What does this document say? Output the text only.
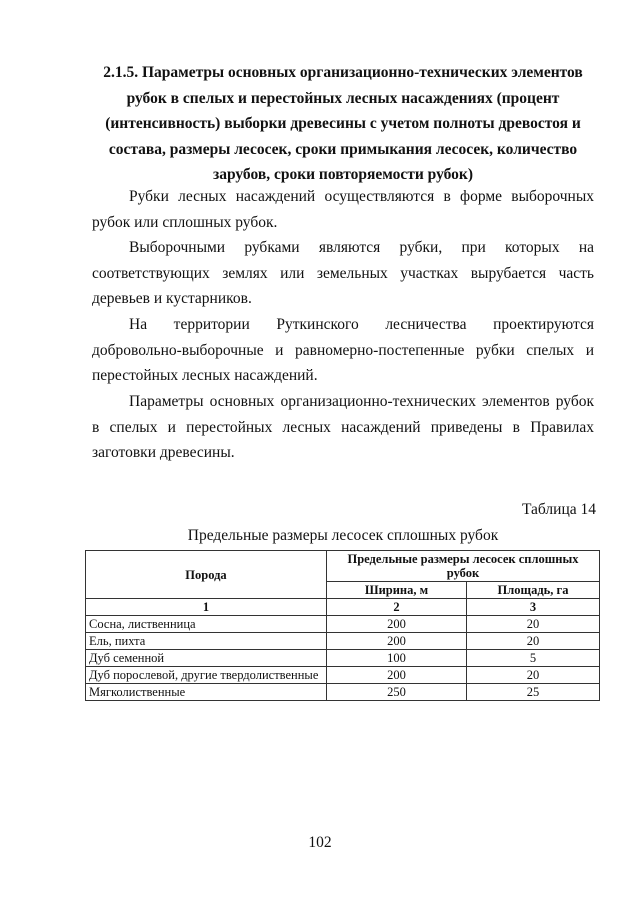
2.1.5. Параметры основных организационно-технических элементов
рубок в спелых и перестойных лесных насаждениях (процент
(интенсивность) выборки древесины с учетом полноты древостоя и
состава, размеры лесосек, сроки примыкания лесосек, количество
зарубов, сроки повторяемости рубок)

Рубки лесных насаждений осуществляются в форме выборочных рубок или сплошных рубок.

Выборочными рубками являются рубки, при которых на соответствующих землях или земельных участках вырубается часть деревьев и кустарников.

На территории Руткинского лесничества проектируются добровольно-выборочные и равномерно-постепенные рубки спелых и перестойных лесных насаждений.

Параметры основных организационно-технических элементов рубок в спелых и перестойных лесных насаждений приведены в Правилах заготовки древесины.

Таблица 14
Предельные размеры лесосек сплошных рубок
Порода	Предельные размеры лесосек сплошных рубок	
	Ширина, м	Площадь, га
1	2	3
Сосна, лиственница	200	20
Ель, пихта	200	20
Дуб семенной	100	5
Дуб порослевой, другие твердолиственные	200	20
Мягколиственные	250	25
102
